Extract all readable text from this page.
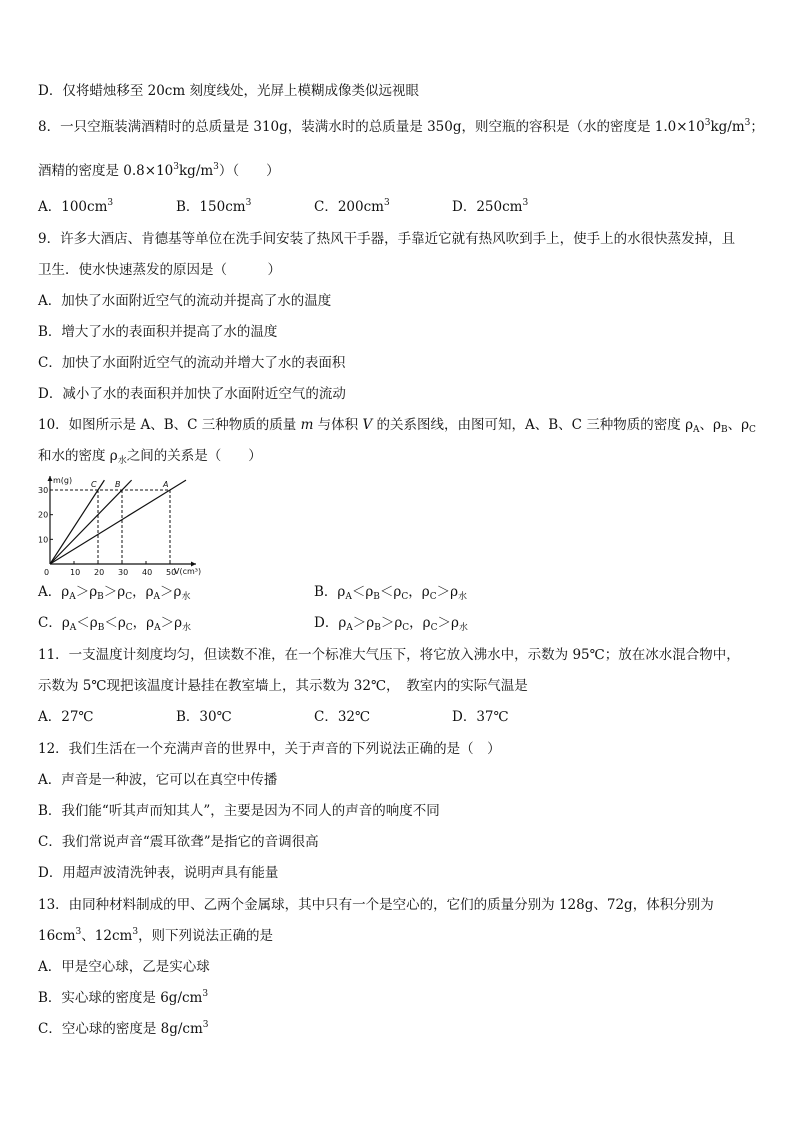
D．仅将蜡烛移至 20cm 刻度线处，光屏上模糊成像类似远视眼

8．一只空瓶装满酒精时的总质量是 310g，装满水时的总质量是 350g，则空瓶的容积是（水的密度是 $1.0\times 10^3kg/m^3$；

酒精的密度是 $0.8\times 10^3kg/m^3$）（　　）

A．$100cm^3$	B．$150cm^3$	C．$200cm^3$	D．$250cm^3$

9．许多大酒店、肯德基等单位在洗手间安装了热风干手器，手靠近它就有热风吹到手上，使手上的水很快蒸发掉，且

卫生．使水快速蒸发的原因是（　　　）

A．加快了水面附近空气的流动并提高了水的温度

B．增大了水的表面积并提高了水的温度

C．加快了水面附近空气的流动并增大了水的表面积

D．减小了水的表面积并加快了水面附近空气的流动

10．如图所示是 A、B、C 三种物质的质量 m 与体积 V 的关系图线，由图可知，A、B、C 三种物质的密度 $\rho_A$、$\rho_B$、$\rho_C$

和水的密度 $\rho_水$之间的关系是（　　）

V(cm³)
m(g)
0	10 20 30 40 50
10
20
30
C B	A

A．$\rho_A>\rho_B>\rho_C$，$\rho_A>\rho_水$	B．$\rho_A<\rho_B<\rho_C$，$\rho_C>\rho_水$

C．$\rho_A<\rho_B<\rho_C$，$\rho_A>\rho_水$	D．$\rho_A>\rho_B>\rho_C$，$\rho_C>\rho_水$

11．一支温度计刻度均匀，但读数不准，在一个标准大气压下，将它放入沸水中，示数为 95℃；放在冰水混合物中，

示数为 5℃现把该温度计悬挂在教室墙上，其示数为 32℃，　教室内的实际气温是

A．27℃	B．30℃	C．32℃	D．37℃

12．我们生活在一个充满声音的世界中，关于声音的下列说法正确的是（　）

A．声音是一种波，它可以在真空中传播

B．我们能“听其声而知其人”，主要是因为不同人的声音的响度不同

C．我们常说声音“震耳欲聋”是指它的音调很高

D．用超声波清洗钟表，说明声具有能量

13．由同种材料制成的甲、乙两个金属球，其中只有一个是空心的，它们的质量分别为 128g、72g，体积分别为

$16cm^3$、$12cm^3$，则下列说法正确的是

A．甲是空心球，乙是实心球

B．实心球的密度是 $6g/cm^3$

C．空心球的密度是 $8g/cm^3$
